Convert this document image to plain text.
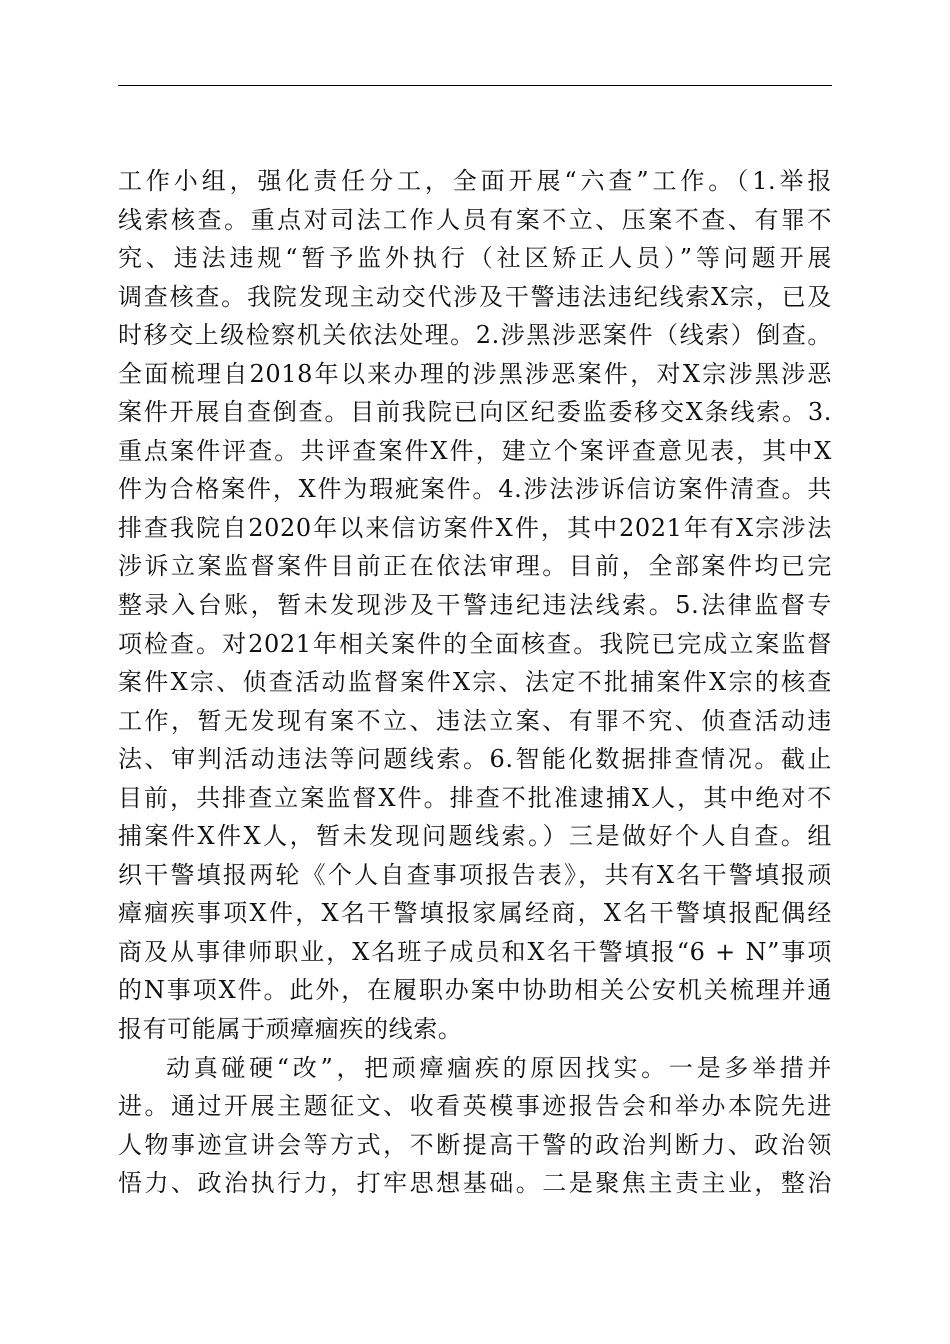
工作小组，强化责任分工，全面开展“六查”工作。（1.举报
线索核查。重点对司法工作人员有案不立、压案不查、有罪不
究、违法违规“暂予监外执行（社区矫正人员）”等问题开展
调查核查。我院发现主动交代涉及干警违法违纪线索X宗，已及
时移交上级检察机关依法处理。2.涉黑涉恶案件（线索）倒查。
全面梳理自2018年以来办理的涉黑涉恶案件，对X宗涉黑涉恶
案件开展自查倒查。目前我院已向区纪委监委移交X条线索。3.
重点案件评查。共评查案件X件，建立个案评查意见表，其中X
件为合格案件，X件为瑕疵案件。4.涉法涉诉信访案件清查。共
排查我院自2020年以来信访案件X件，其中2021年有X宗涉法
涉诉立案监督案件目前正在依法审理。目前，全部案件均已完
整录入台账，暂未发现涉及干警违纪违法线索。5.法律监督专
项检查。对2021年相关案件的全面核查。我院已完成立案监督
案件X宗、侦查活动监督案件X宗、法定不批捕案件X宗的核查
工作，暂无发现有案不立、违法立案、有罪不究、侦查活动违
法、审判活动违法等问题线索。6.智能化数据排查情况。截止
目前，共排查立案监督X件。排查不批准逮捕X人，其中绝对不
捕案件X件X人，暂未发现问题线索。）三是做好个人自查。组
织干警填报两轮《个人自查事项报告表》，共有X名干警填报顽
瘴痼疾事项X件，X名干警填报家属经商，X名干警填报配偶经
商及从事律师职业，X名班子成员和X名干警填报“6 + N”事项
的N事项X件。此外，在履职办案中协助相关公安机关梳理并通
报有可能属于顽瘴痼疾的线索。
动真碰硬“改”，把顽瘴痼疾的原因找实。一是多举措并
进。通过开展主题征文、收看英模事迹报告会和举办本院先进
人物事迹宣讲会等方式，不断提高干警的政治判断力、政治领
悟力、政治执行力，打牢思想基础。二是聚焦主责主业，整治
